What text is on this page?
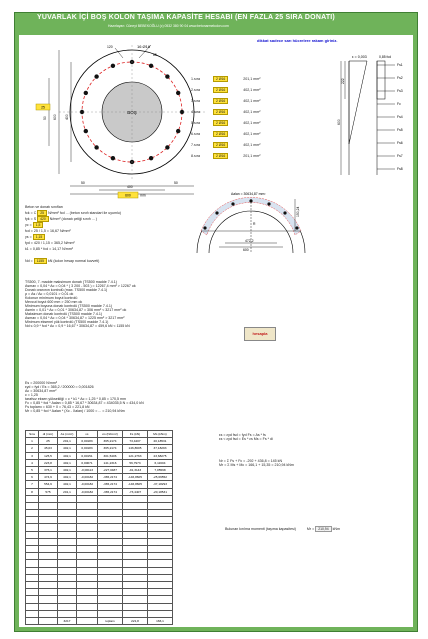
YUVARLAK İÇİ BOŞ KOLON TAŞIMA KAPASİTE HESABI (EN FAZLA 25 SIRA DONATI)
Hazırlayan: Cüneyt BEBEKOĞLU (c) 0532 380 90 04 www.betonarmekolon.com
dikkat sadece sarı hücrelere rakam giriniz.
BOŞ
25
16 Ø16
120
65
600 400
50
50	50
400
600	mm
1.sıra	2 Ø16	201,1 mm²
2.sıra	2 Ø16	402,1 mm²
3.sıra	2 Ø16	402,1 mm²
4.sıra	2 Ø16	402,1 mm²
5.sıra	2 Ø16	402,1 mm²
6.sıra	2 Ø16	402,1 mm²
7.sıra	2 Ø16	402,1 mm²
8.sıra	2 Ø16	201,1 mm²
ε = 0,003	0,85 fcd
222
600
Fs1
Fs2
Fs3
Fc
Fs4
Fs5
Fs6
Fs7
Fs8
Beton ve donatı sınıfları
fck = C 25 N/mm² fcd ... (beton sınıfı standart ile uyumlu)
fyk = S 420 N/mm² (donatı çeliği sınıfı ... )
γc = 1,5
fcd = 25 / 1,5 = 16,67 N/mm²
γs = 1,15
fyd = 420 / 1,15 = 365,2 N/mm²
k1 = 0,85 * fcd = 14,17 N/mm²
Nd = 1155 kN (kolon hesap normal kuvveti)
Aalan = 30634,87 mm²
150,24
472,2
600
R
TS500, 7. madde maksimum donatı (TS500 madde 7.4.1)
Asmax = 0,04 * Ac = 0,04 * ( 3 200 - 503 ) = 12267,4 mm² > 12267 ok
Donatı oranının kontrolü (max. TS500 madde 7.4.1)
ρ = As / Ac = 0,0101 > 0,01 ok
Kolonun minimum boyut kontrolü
Mevcut boyut 600 mm > 250 mm ok
Minimum boyuna donatı kontrolü (TS500 madde 7.4.1)
Asmin = 0,01 * Ac = 0,01 * 30634,87 = 306 mm² < 3217 mm² ok
Maksimum donatı kontrolü (TS500 madde 7.4.1)
Asmax = 0,04 * Ac = 0,04 * 30634,87 = 1225 mm² > 3217 mm²
Minimum eksenel yük kontrolü (TS500 madde 7.4.1)
Nd ≤ 0,9 * fcd * Ac = 0,9 * 16,67 * 30634,87 = 459,6 kN < 1155 kN
hesapla
Es = 200000 N/mm²
εyd = fyd / Es = 365,2 / 200000 = 0,001826
Ac = 30634,87 mm²
c = 1,25
tarafsız eksen yüksekliği = c * k1 * Ac = 1,25 * 0,85 = 170,5 mm
Fc = 0,85 * fcd * Aalan = 0,85 * 16,67 * 30634,87 = 434035,5 N = 434,0 kN
Fs toplamı = 630 + 0 = 76,43 = 221,8 kN
Mr = 0,85 * fcd * Aalan * (Xc - Xalan) / 1000 = ... = 210,94 kNm
Sıra	di (mm)	As (mm²)	εs	σs (N/mm²)	Fs (kN)	Ms (kNm)
1	25	201,1	0,00183	365,2174	73,4407	20,18531
2	45,03	402,1	0,00183	365,2174	146,8605	37,18293
3	125,5	402,1	0,00151	301,5406	121,2763	23,68275
4	223,8	402,1	0,00071	141,2316	56,7973	6,11604
5	376,1	402,1	-0,00113	-227,0487	-91,3143	7,05598
6	474,9	402,1	-0,00182	-365,2174	-146,8605	-25,66552
7	554,9	402,1	-0,00182	-365,2174	-146,8605	-37,18293
8	575	201,1	-0,00182	-365,2174	-73,4407	-20,18531

		3217		toplam	221,8	166,1
εs = εyd fsd = fyd Fs = As * fs
εs < εyd fsd = Es * εs Ms = Fs * di
Nr = Σ Fs + Fc = -292 + 436,8 = 145 kN
Mr = Σ Ms + Mc = 166,1 + 15,35 = 210,94 kNm
Bulunan kırılma momenti (taşıma kapasitesi)	Mr = 210,94 kNm
